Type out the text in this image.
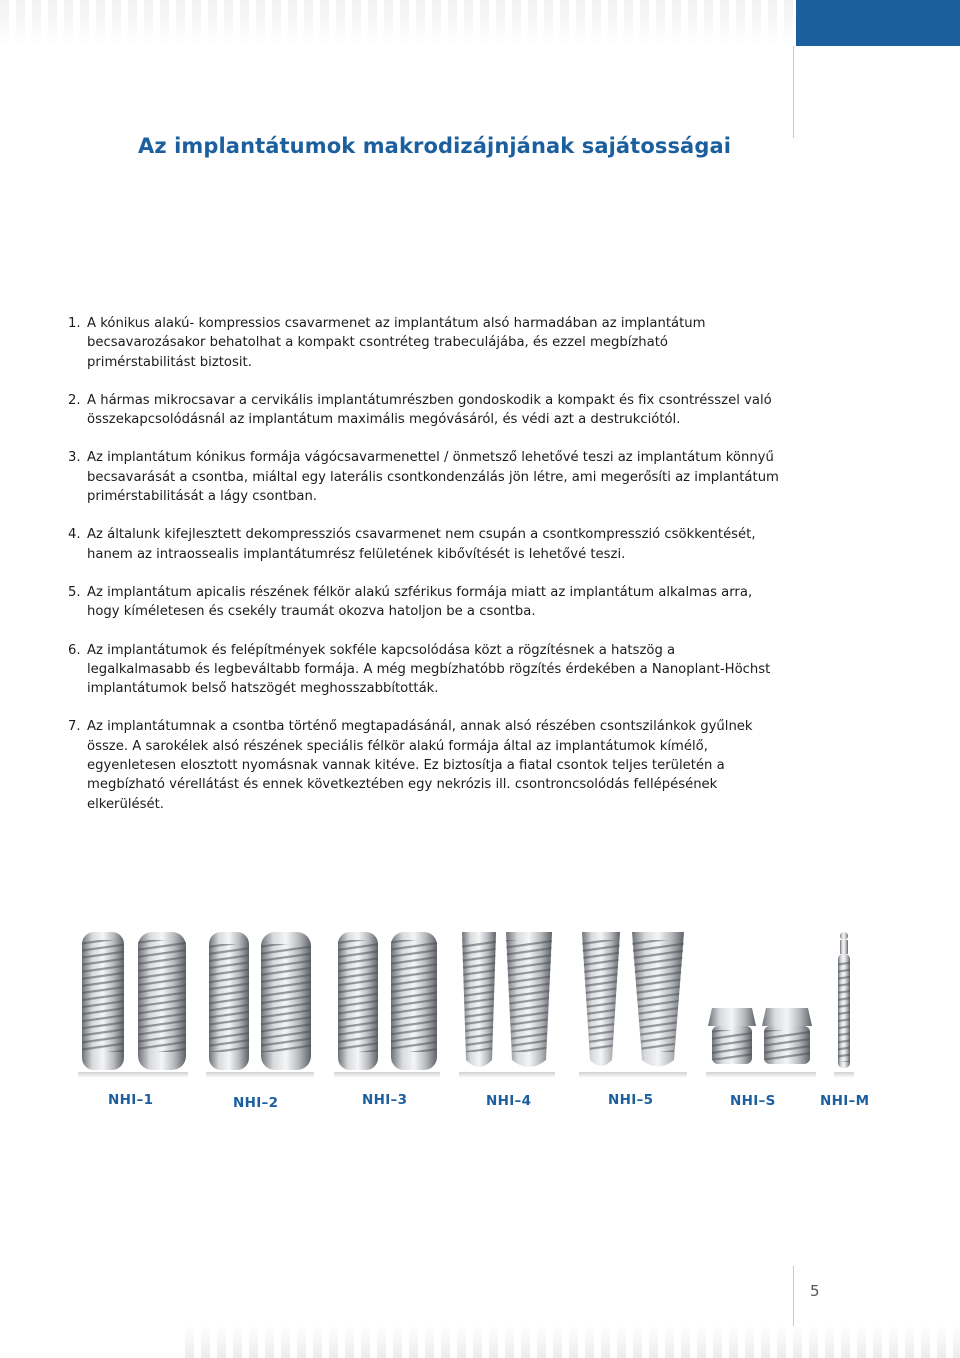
Az implantátumok makrodizájnjának sajátosságai
1. A kónikus alakú- kompressios csavarmenet az implantátum alsó harmadában az implantátum becsavarozásakor behatolhat a kompakt csontréteg trabeculájába, és ezzel megbízható primérstabilitást biztosit.
2. A hármas mikrocsavar a cervikális implantátumrészben gondoskodik a kompakt és fix csontrésszel való összekapcsolódásnál az implantátum maximális megóvásáról, és védi azt a destrukciótól.
3. Az implantátum kónikus formája vágócsavarmenettel / önmetsző lehetővé teszi az implantátum könnyű becsavarását a csontba, miáltal egy laterális csontkondenzálás jön létre, ami megerősíti az implantátum primérstabilitását a lágy csontban.
4. Az általunk kifejlesztett dekompressziós csavarmenet nem csupán a csontkompresszió csökkentését, hanem az intraossealis implantátumrész felületének kibővítését is lehetővé teszi.
5. Az implantátum apicalis részének félkör alakú szférikus formája miatt az implantátum alkalmas arra, hogy kíméletesen és csekély traumát okozva hatoljon be a csontba.
6. Az implantátumok és felépítmények sokféle kapcsolódása közt a rögzítésnek a hatszög a legalkalmasabb és legbeváltabb formája. A még megbízhatóbb rögzítés érdekében a Nanoplant-Höchst implantátumok belső hatszögét meghosszabbították.
7. Az implantátumnak a csontba történő megtapadásánál, annak alsó részében csontszilánkok gyűlnek össze. A sarokélek alsó részének speciális félkör alakú formája által az implantátumok kímélő, egyenletesen elosztott nyomásnak vannak kitéve. Ez biztosítja a fiatal csontok teljes területén a megbízható vérellátást és ennek következtében egy nekrózis ill. csontroncsolódás fellépésének elkerülését.
NHI–1	NHI–2	NHI–3	NHI–4	NHI–5	NHI–S	NHI–M
5
